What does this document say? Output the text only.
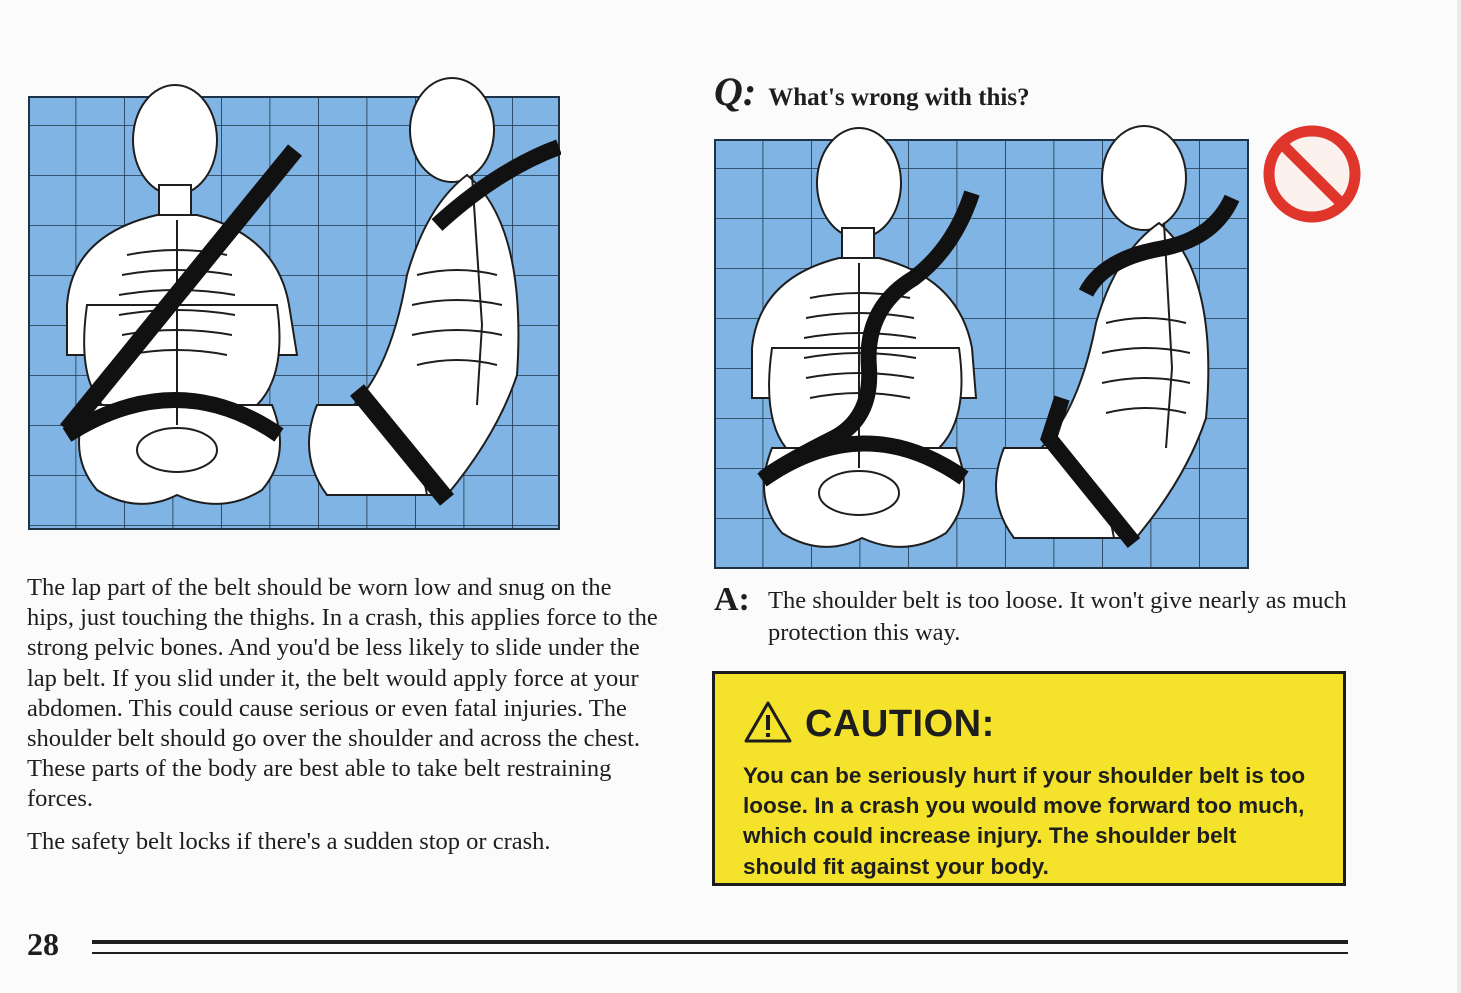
Q: What's wrong with this?

The lap part of the belt should be worn low and snug on the hips, just touching the thighs. In a crash, this applies force to the strong pelvic bones. And you'd be less likely to slide under the lap belt. If you slid under it, the belt would apply force at your abdomen. This could cause serious or even fatal injuries. The shoulder belt should go over the shoulder and across the chest. These parts of the body are best able to take belt restraining forces.

The safety belt locks if there's a sudden stop or crash.

A: The shoulder belt is too loose. It won't give nearly as much protection this way.
CAUTION:
You can be seriously hurt if your shoulder belt is too loose. In a crash you would move forward too much, which could increase injury. The shoulder belt should fit against your body.
28
